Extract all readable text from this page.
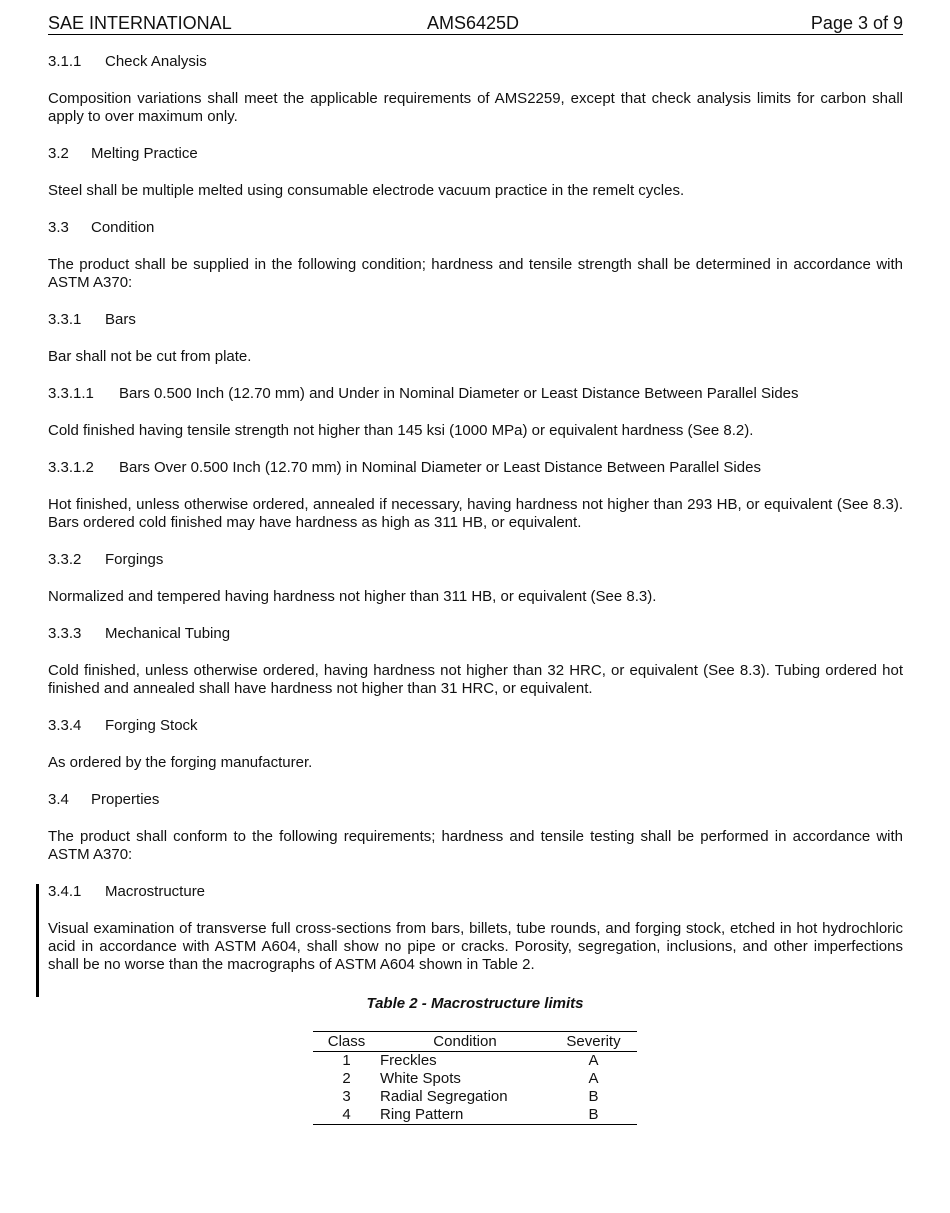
SAE INTERNATIONAL	AMS6425D	Page 3 of 9
3.1.1 Check Analysis
Composition variations shall meet the applicable requirements of AMS2259, except that check analysis limits for carbon shall apply to over maximum only.
3.2 Melting Practice
Steel shall be multiple melted using consumable electrode vacuum practice in the remelt cycles.
3.3 Condition
The product shall be supplied in the following condition; hardness and tensile strength shall be determined in accordance with ASTM A370:
3.3.1 Bars
Bar shall not be cut from plate.
3.3.1.1 Bars 0.500 Inch (12.70 mm) and Under in Nominal Diameter or Least Distance Between Parallel Sides
Cold finished having tensile strength not higher than 145 ksi (1000 MPa) or equivalent hardness (See 8.2).
3.3.1.2 Bars Over 0.500 Inch (12.70 mm) in Nominal Diameter or Least Distance Between Parallel Sides
Hot finished, unless otherwise ordered, annealed if necessary, having hardness not higher than 293 HB, or equivalent (See 8.3). Bars ordered cold finished may have hardness as high as 311 HB, or equivalent.
3.3.2 Forgings
Normalized and tempered having hardness not higher than 311 HB, or equivalent (See 8.3).
3.3.3 Mechanical Tubing
Cold finished, unless otherwise ordered, having hardness not higher than 32 HRC, or equivalent (See 8.3). Tubing ordered hot finished and annealed shall have hardness not higher than 31 HRC, or equivalent.
3.3.4 Forging Stock
As ordered by the forging manufacturer.
3.4 Properties
The product shall conform to the following requirements; hardness and tensile testing shall be performed in accordance with ASTM A370:
3.4.1 Macrostructure
Visual examination of transverse full cross-sections from bars, billets, tube rounds, and forging stock, etched in hot hydrochloric acid in accordance with ASTM A604, shall show no pipe or cracks. Porosity, segregation, inclusions, and other imperfections shall be no worse than the macrographs of ASTM A604 shown in Table 2.
Table 2 - Macrostructure limits
Class	Condition	Severity
1	Freckles	A
2	White Spots	A
3	Radial Segregation	B
4	Ring Pattern	B
